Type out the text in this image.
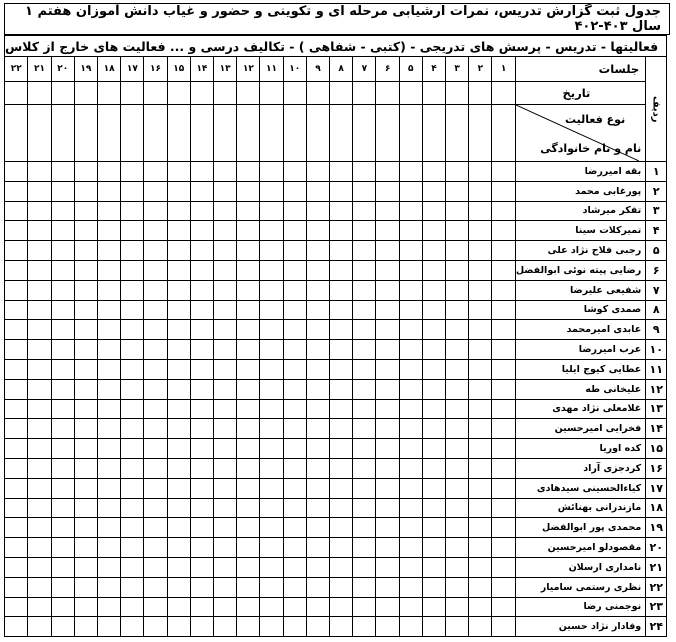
جدول ثبت گزارش تدریس، نمرات ارشیابی مرحله ای و تکوینی و حضور و غیاب دانش آموزان هفتم ۱ سال ۴۰۳-۴۰۲
فعالیتها - تدریس - پرسش های تدریجی - (کتبی - شفاهی ) - تکالیف درسی و ... فعالیت های خارج از کلاس																							
ردیف	جلسات	۱	۲	۳	۴	۵	۶	۷	۸	۹	۱۰	۱۱	۱۲	۱۳	۱۴	۱۵	۱۶	۱۷	۱۸	۱۹	۲۰	۲۱	۲۲
	تاریخ																						

	نوع فعالیت
نام و نام خانوادگی																						

۱	بقه امیررضا																						
۲	پورغابی محمد																						
۳	تفکر میرشاد																						
۴	تمیرکلات سینا																						
۵	رجبی فلاح نژاد علی																						
۶	رضایی پیته نوئی ابوالفضل																						
۷	شفیعی علیرضا																						
۸	صمدی کوشا																						
۹	عابدی امیرمحمد																						
۱۰	عرب امیررضا																						
۱۱	عطایی کیوج ایلیا																						
۱۲	علیخانی طه																						
۱۳	غلامعلی نژاد مهدی																						
۱۴	فخرایی امیرحسین																						
۱۵	کده اوریا																						
۱۶	کردجزی آراد																						
۱۷	کیاءالحسینی سیدهادی																						
۱۸	مازندرانی بهنائش																						
۱۹	محمدی پور ابوالفضل																						
۲۰	مقصودلو امیرحسین																						
۲۱	نامداری ارسلان																						
۲۲	نظری رستمی سامیار																						
۲۳	نوجمنی رضا																						
۲۴	وفادار نژاد حسین																						
